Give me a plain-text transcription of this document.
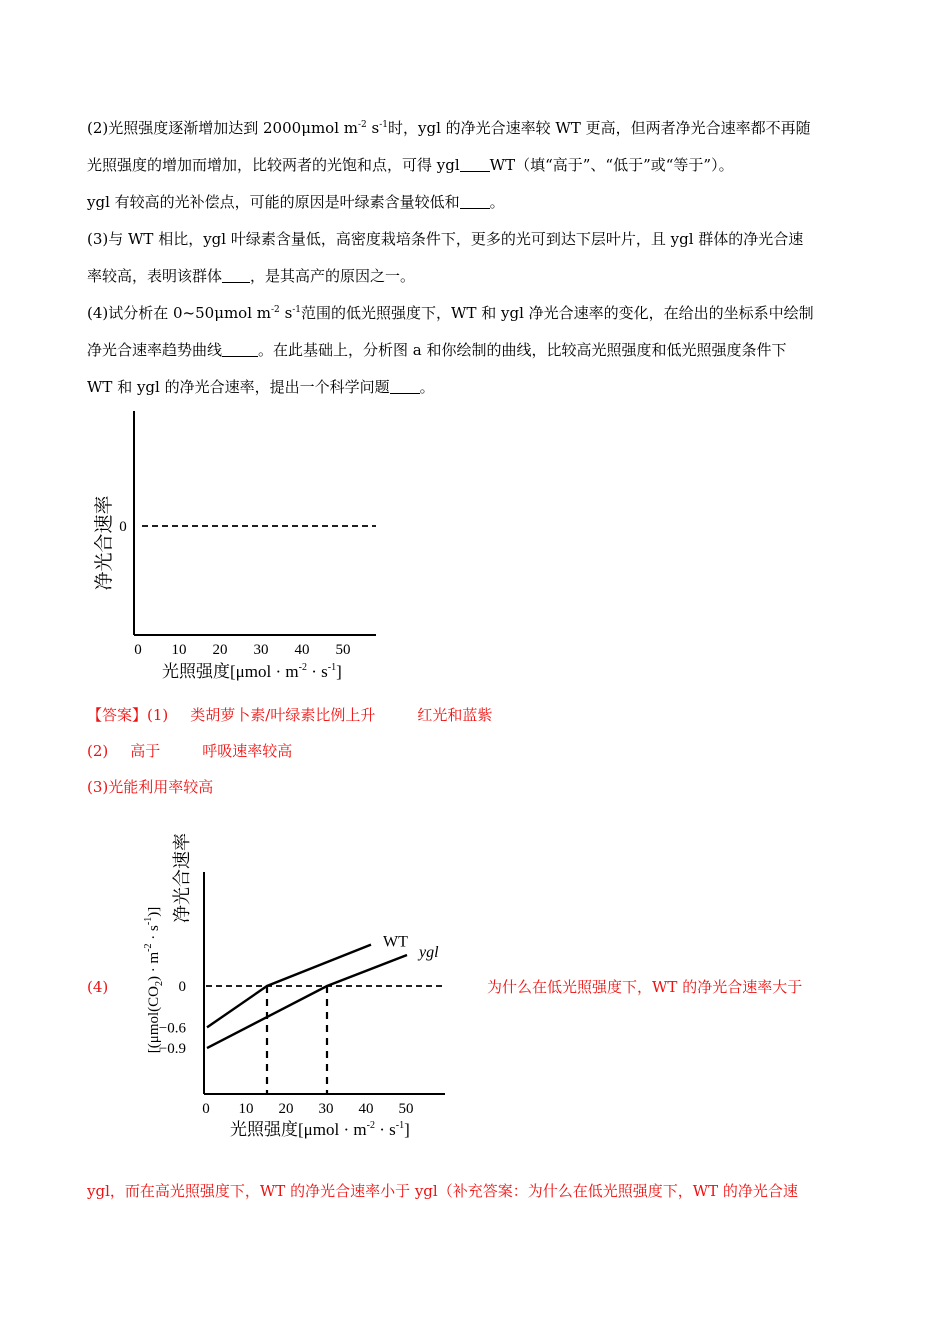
(2)光照强度逐渐增加达到 2000μmol $m^{-2}$ $s^{-1}$时，ygl 的净光合速率较 WT 更高，但两者净光合速率都不再随
光照强度的增加而增加，比较两者的光饱和点，可得 ygl WT（填“高于”、“低于”或“等于”）。
ygl 有较高的光补偿点，可能的原因是叶绿素含量较低和 。
(3)与 WT 相比，ygl 叶绿素含量低，高密度栽培条件下，更多的光可到达下层叶片，且 ygl 群体的净光合速
率较高，表明该群体 ，是其高产的原因之一。
(4)试分析在 0~50μmol $m^{-2}$ $s^{-1}$范围的低光照强度下，WT 和 ygl 净光合速率的变化，在给出的坐标系中绘制
净光合速率趋势曲线 。在此基础上，分析图 a 和你绘制的曲线，比较高光照强度和低光照强度条件下
WT 和 ygl 的净光合速率，提出一个科学问题 。
0
净光合速率
0 10 20 30 40 50
光照强度$[\mu mol \cdot m^{-2} \cdot s^{-1}]$
【答案】(1) 类胡萝卜素/叶绿素比例上升	红光和蓝紫
(2) 高于	呼吸速率较高
(3)光能利用率较高
(4)	为什么在低光照强度下，WT 的净光合速率大于
ygl，而在高光照强度下，WT 的净光合速率小于 ygl（补充答案：为什么在低光照强度下，WT 的净光合速
$[(\mu mol(CO_2) \cdot m^{-2} \cdot s^{-1})]$ 净光合速率
WT
ygl
0
−0.6
−0.9
0 10 20 30 40 50
光照强度$[\mu mol \cdot m^{-2} \cdot s^{-1}]$
